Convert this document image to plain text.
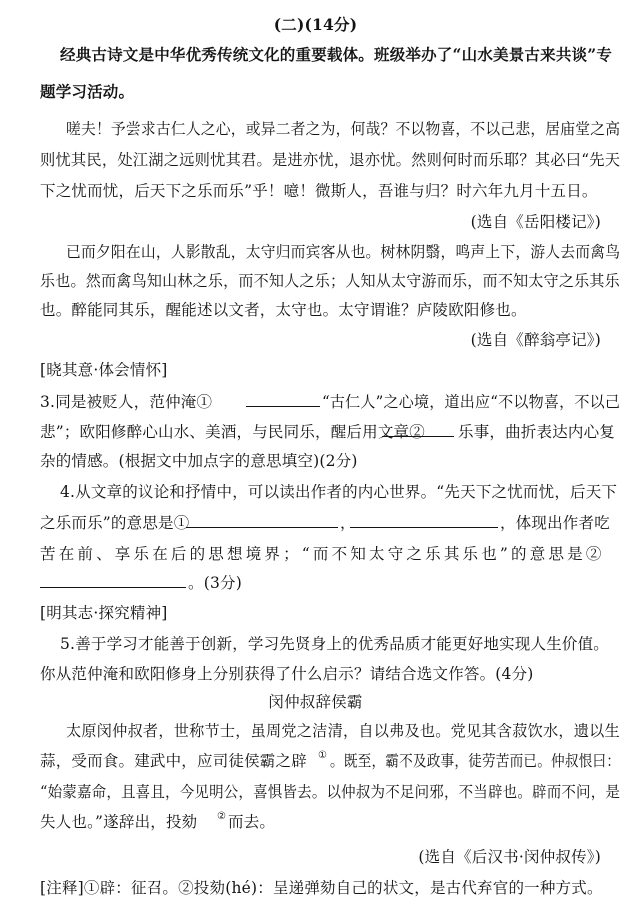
(二)(14分)
经典古诗文是中华优秀传统文化的重要载体。班级举办了“山水美景古来共谈”专
题学习活动。
嗟夫！予尝求古仁人之心，或异二者之为，何哉？不以物喜，不以己悲，居庙堂之高
则忧其民，处江湖之远则忧其君。是进亦忧，退亦忧。然则何时而乐耶？其必曰“先天
下之忧而忧，后天下之乐而乐”乎！噫！微斯人，吾谁与归？时六年九月十五日。
(选自《岳阳楼记》)
已而夕阳在山，人影散乱，太守归而宾客从也。树林阴翳，鸣声上下，游人去而禽鸟
乐也。然而禽鸟知山林之乐，而不知人之乐；人知从太守游而乐，而不知太守之乐其乐
也。醉能同其乐，醒能述以文者，太守也。太守谓谁？庐陵欧阳修也。
(选自《醉翁亭记》)
[晓其意·体会情怀]
3.同是被贬人，范仲淹①	“古仁人”之心境，道出应“不以物喜，不以己
悲”；欧阳修醉心山水、美酒，与民同乐，醒后用文章② 乐事，曲折表达内心复
杂的情感。(根据文中加点字的意思填空)(2分)
4.从文章的议论和抒情中，可以读出作者的内心世界。“先天下之忧而忧，后天下
之乐而乐”的意思是①	，	，体现出作者吃
苦在前、享乐在后的思想境界；“而不知太守之乐其乐也”的意思是②
。(3分)
[明其志·探究精神]
5.善于学习才能善于创新，学习先贤身上的优秀品质才能更好地实现人生价值。
你从范仲淹和欧阳修身上分别获得了什么启示？请结合选文作答。(4分)
闵仲叔辞侯霸
太原闵仲叔者，世称节士，虽周党之洁清，自以弗及也。党见其含菽饮水，遗以生
蒜，受而食。建武中，应司徒侯霸之辟 ① 。既至，霸不及政事，徒劳苦而已。仲叔恨曰：
“始蒙嘉命，且喜且，今见明公，喜惧皆去。以仲叔为不足问邪，不当辟也。辟而不问，是
失人也。”遂辞出，投劾 ② 而去。
(选自《后汉书·闵仲叔传》)
[注释]①辟：征召。②投劾(hé)：呈递弹劾自己的状文，是古代弃官的一种方式。
